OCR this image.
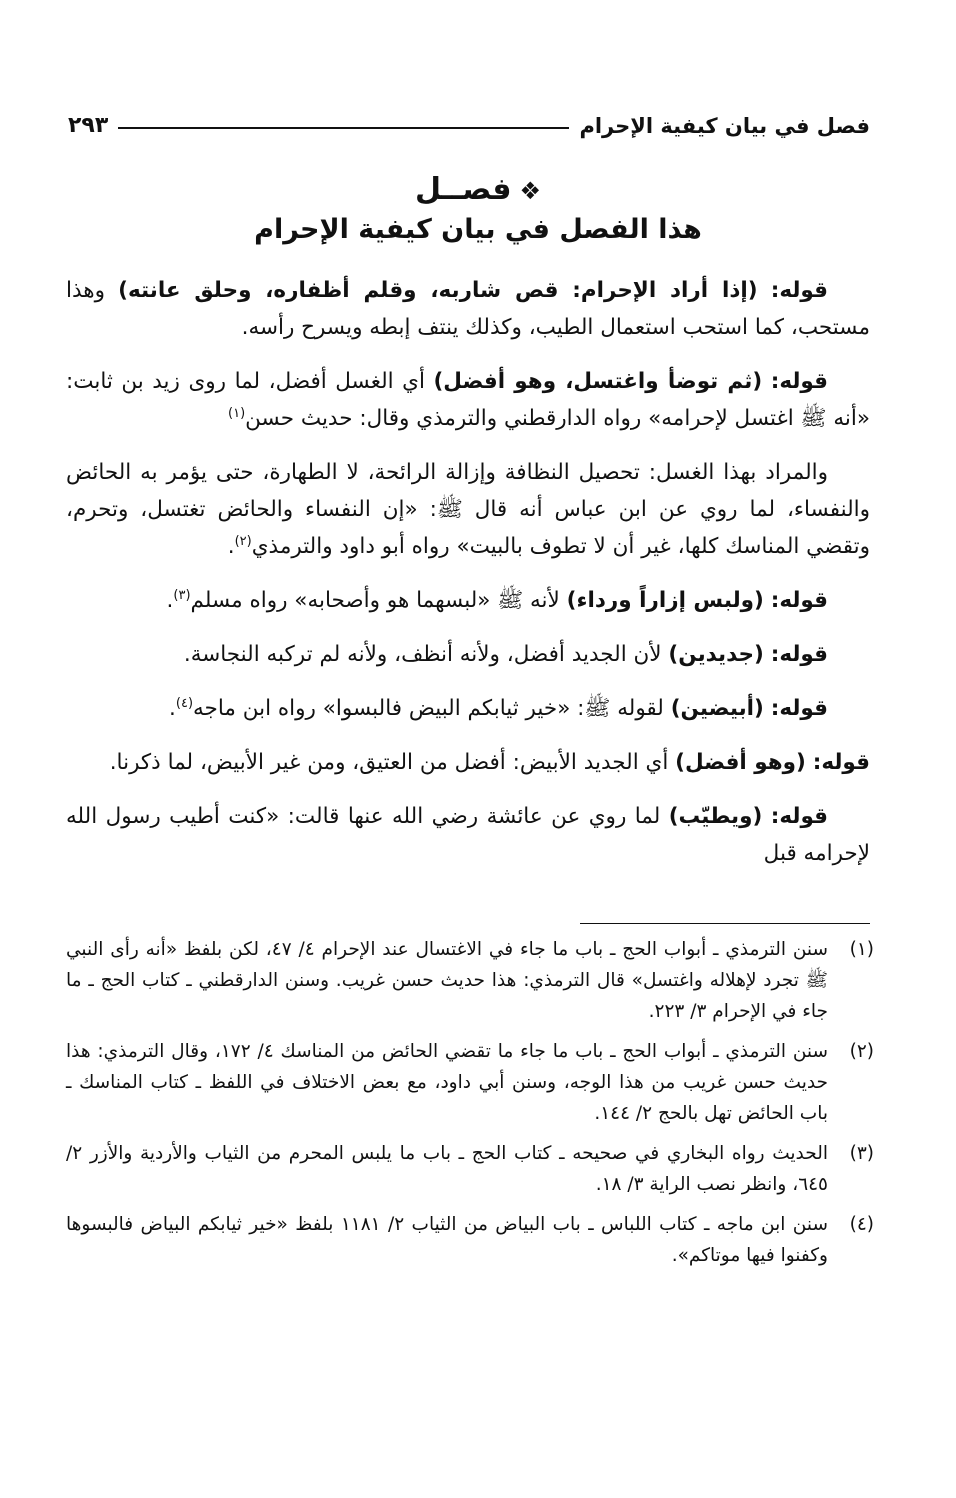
فصل في بيان كيفية الإحرام
٢٩٣
❖فصــل
هذا الفصل في بيان كيفية الإحرام

قوله: (إذا أراد الإحرام: قص شاربه، وقلم أظفاره، وحلق عانته) وهذا مستحب، كما استحب استعمال الطيب، وكذلك ينتف إبطه ويسرح رأسه.

قوله: (ثم توضأ واغتسل، وهو أفضل) أي الغسل أفضل، لما روى زيد بن ثابت: «أنه ﷺ اغتسل لإحرامه» رواه الدارقطني والترمذي وقال: حديث حسن$^{(١)}$

والمراد بهذا الغسل: تحصيل النظافة وإزالة الرائحة، لا الطهارة، حتى يؤمر به الحائض والنفساء، لما روي عن ابن عباس أنه قال ﷺ: «إن النفساء والحائض تغتسل، وتحرم، وتقضي المناسك كلها، غير أن لا تطوف بالبيت» رواه أبو داود والترمذي$^{(٢)}$.

قوله: (ولبس إزاراً ورداء) لأنه ﷺ «لبسهما هو وأصحابه» رواه مسلم$^{(٣)}$.

قوله: (جديدين) لأن الجديد أفضل، ولأنه أنظف، ولأنه لم تركبه النجاسة.

قوله: (أبيضين) لقوله ﷺ: «خير ثيابكم البيض فالبسوا» رواه ابن ماجه$^{(٤)}$.

قوله: (وهو أفضل) أي الجديد الأبيض: أفضل من العتيق، ومن غير الأبيض، لما ذكرنا.

قوله: (ويطيّب) لما روي عن عائشة رضي الله عنها قالت: «كنت أطيب رسول الله لإحرامه قبل

(١)
سنن الترمذي ـ أبواب الحج ـ باب ما جاء في الاغتسال عند الإحرام ٤/ ٤٧، لكن بلفظ «أنه رأى النبي ﷺ تجرد لإهلاله واغتسل» قال الترمذي: هذا حديث حسن غريب. وسنن الدارقطني ـ كتاب الحج ـ ما جاء في الإحرام ٣/ ٢٢٣.
(٢)
سنن الترمذي ـ أبواب الحج ـ باب ما جاء ما تقضي الحائض من المناسك ٤/ ١٧٢، وقال الترمذي: هذا حديث حسن غريب من هذا الوجه، وسنن أبي داود، مع بعض الاختلاف في اللفظ ـ كتاب المناسك ـ باب الحائض تهل بالحج ٢/ ١٤٤.
(٣)
الحديث رواه البخاري في صحيحه ـ كتاب الحج ـ باب ما يلبس المحرم من الثياب والأردية والأزر ٢/ ٦٤٥، وانظر نصب الراية ٣/ ١٨.
(٤)
سنن ابن ماجه ـ كتاب اللباس ـ باب البياض من الثياب ٢/ ١١٨١ بلفظ «خير ثيابكم البياض فالبسوها وكفنوا فيها موتاكم».
